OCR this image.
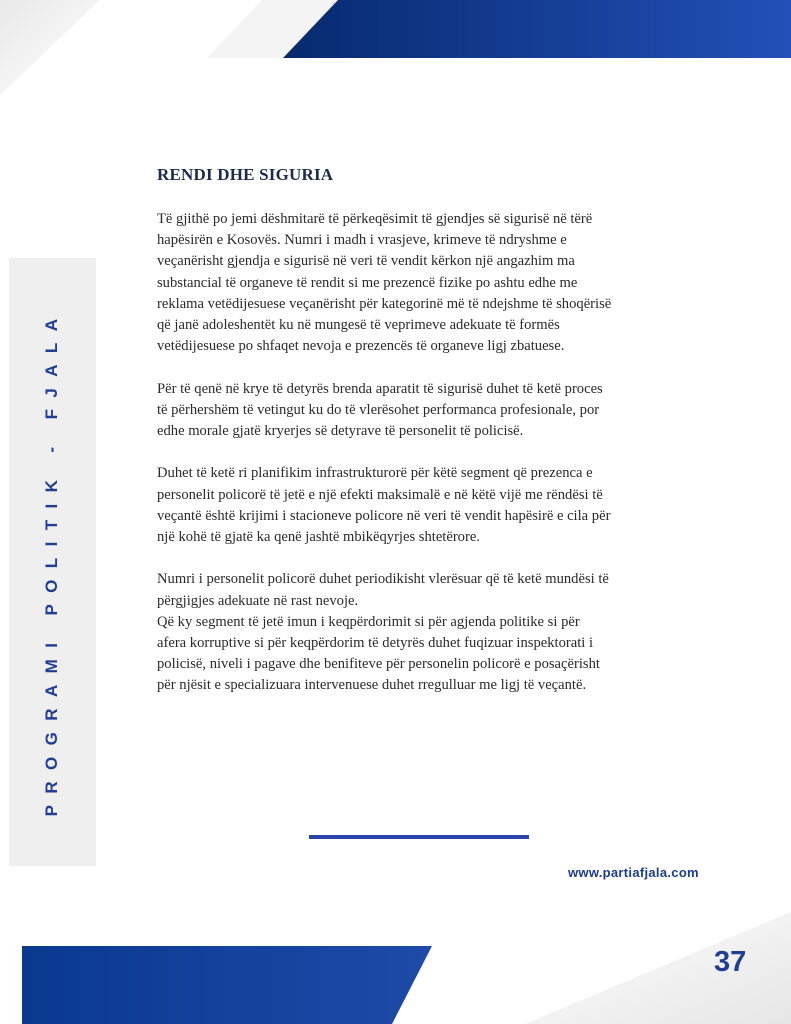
PROGRAMI POLITIK - FJALA
RENDI DHE SIGURIA

Të gjithë po jemi dëshmitarë të përkeqësimit të gjendjes së sigurisë në tërë
hapësirën e Kosovës. Numri i madh i vrasjeve, krimeve të ndryshme e
veçanërisht gjendja e sigurisë në veri të vendit kërkon një angazhim ma
substancial të organeve të rendit si me prezencë fizike po ashtu edhe me
reklama vetëdijesuese veçanërisht për kategorinë më të ndejshme të shoqërisë
që janë adoleshentët ku në mungesë të veprimeve adekuate të formës
vetëdijesuese po shfaqet nevoja e prezencës të organeve ligj zbatuese.

Për të qenë në krye të detyrës brenda aparatit të sigurisë duhet të ketë proces
të përhershëm të vetingut ku do të vlerësohet performanca profesionale, por
edhe morale gjatë kryerjes së detyrave të personelit të policisë.

Duhet të ketë ri planifikim infrastrukturorë për këtë segment që prezenca e
personelit policorë të jetë e një efekti maksimalë e në këtë vijë me rëndësi të
veçantë është krijimi i stacioneve policore në veri të vendit hapësirë e cila për
një kohë të gjatë ka qenë jashtë mbikëqyrjes shtetërore.

Numri i personelit policorë duhet periodikisht vlerësuar që të ketë mundësi të
përgjigjes adekuate në rast nevoje.

Që ky segment të jetë imun i keqpërdorimit si për agjenda politike si për
afera korruptive si për keqpërdorim të detyrës duhet fuqizuar inspektorati i
policisë, niveli i pagave dhe benifiteve për personelin policorë e posaçërisht
për njësit e specializuara intervenuese duhet rregulluar me ligj të veçantë.

www.partiafjala.com
37
